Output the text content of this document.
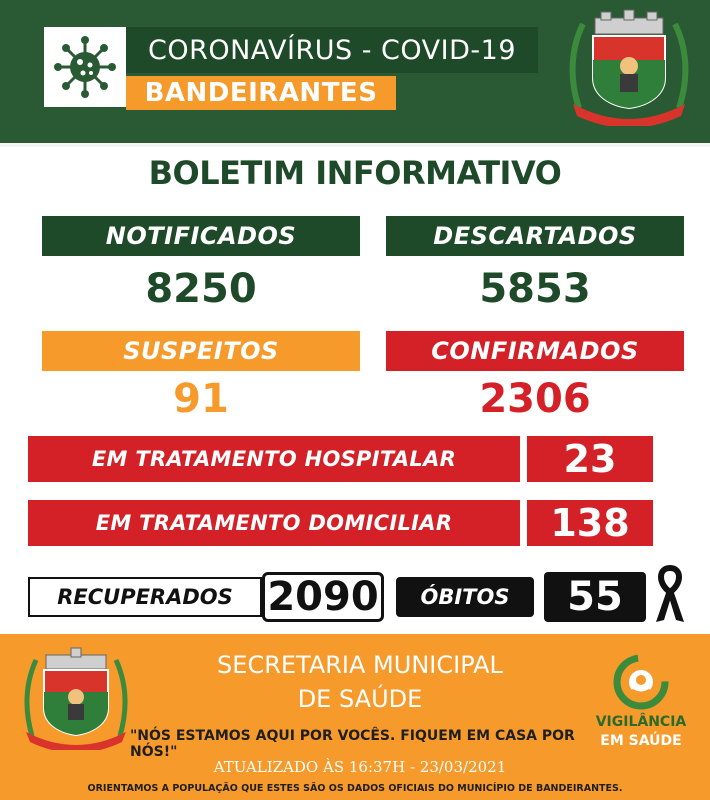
CORONAVÍRUS - COVID-19
BANDEIRANTES
BOLETIM INFORMATIVO
NOTIFICADOS	DESCARTADOS
8250	5853
SUSPEITOS	CONFIRMADOS
91	2306
EM TRATAMENTO HOSPITALAR	23
EM TRATAMENTO DOMICILIAR	138
RECUPERADOS 2090	ÓBITOS	55
SECRETARIA MUNICIPAL
DE SAÚDE
"NÓS ESTAMOS AQUI POR VOCÊS. FIQUEM EM CASA POR NÓS!"
ATUALIZADO ÀS 16:37H - 23/03/2021
ORIENTAMOS A POPULAÇÃO QUE ESTES SÃO OS DADOS OFICIAIS DO MUNICÍPIO DE BANDEIRANTES.
VIGILÂNCIA
EM SAÚDE
